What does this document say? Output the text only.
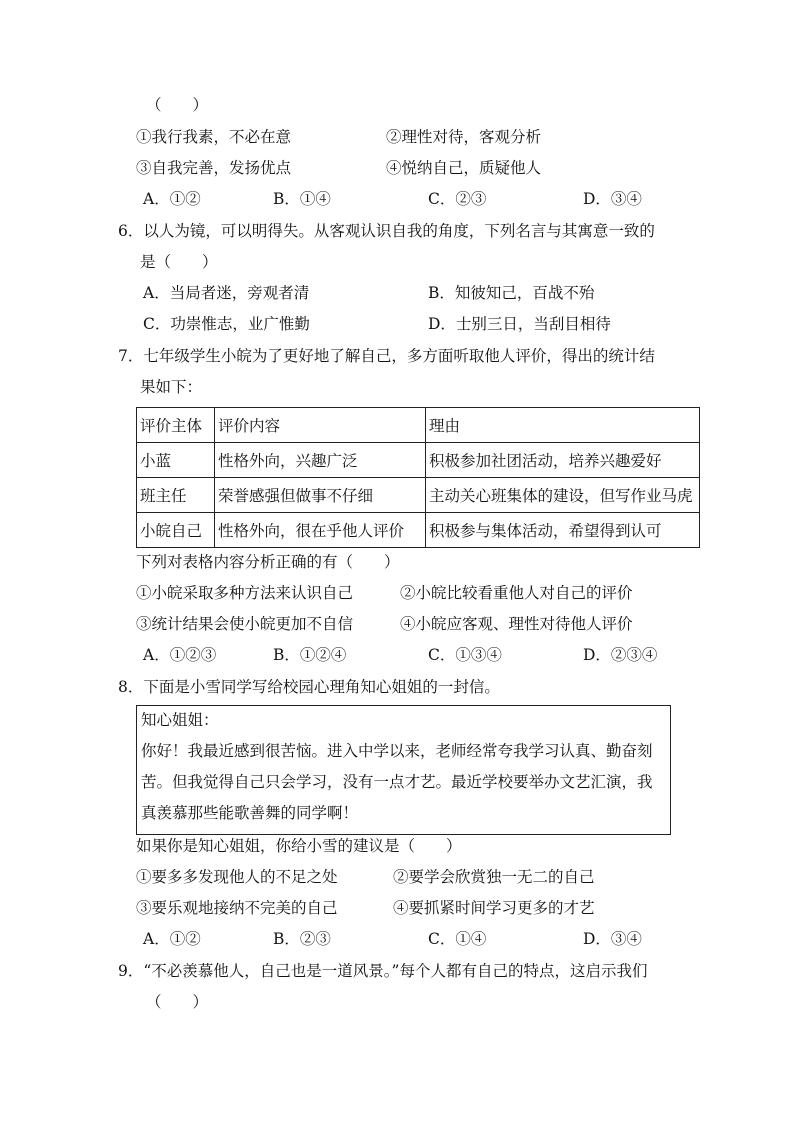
（　　）
①我行我素，不必在意	②理性对待，客观分析
③自我完善，发扬优点	④悦纳自己，质疑他人
A．①②	B．①④	C．②③	D．③④
6．以人为镜，可以明得失。从客观认识自我的角度，下列名言与其寓意一致的
是（　　）
A．当局者迷，旁观者清	B．知彼知己，百战不殆
C．功崇惟志，业广惟勤	D．士别三日，当刮目相待
7．七年级学生小皖为了更好地了解自己，多方面听取他人评价，得出的统计结
果如下：
评价主体	评价内容	理由
小蓝	性格外向，兴趣广泛	积极参加社团活动，培养兴趣爱好
班主任	荣誉感强但做事不仔细	主动关心班集体的建设，但写作业马虎
小皖自己	性格外向，很在乎他人评价	积极参与集体活动，希望得到认可
下列对表格内容分析正确的有（　　）
①小皖采取多种方法来认识自己	②小皖比较看重他人对自己的评价
③统计结果会使小皖更加不自信	④小皖应客观、理性对待他人评价
A．①②③	B．①②④	C．①③④	D．②③④
8．下面是小雪同学写给校园心理角知心姐姐的一封信。
知心姐姐：
你好！我最近感到很苦恼。进入中学以来，老师经常夸我学习认真、勤奋刻
苦。但我觉得自己只会学习，没有一点才艺。最近学校要举办文艺汇演，我
真羡慕那些能歌善舞的同学啊！
如果你是知心姐姐，你给小雪的建议是（　　）
①要多多发现他人的不足之处	②要学会欣赏独一无二的自己
③要乐观地接纳不完美的自己	④要抓紧时间学习更多的才艺
A．①②	B．②③	C．①④	D．③④
9．“不必羡慕他人，自己也是一道风景。”每个人都有自己的特点，这启示我们
（　　）
